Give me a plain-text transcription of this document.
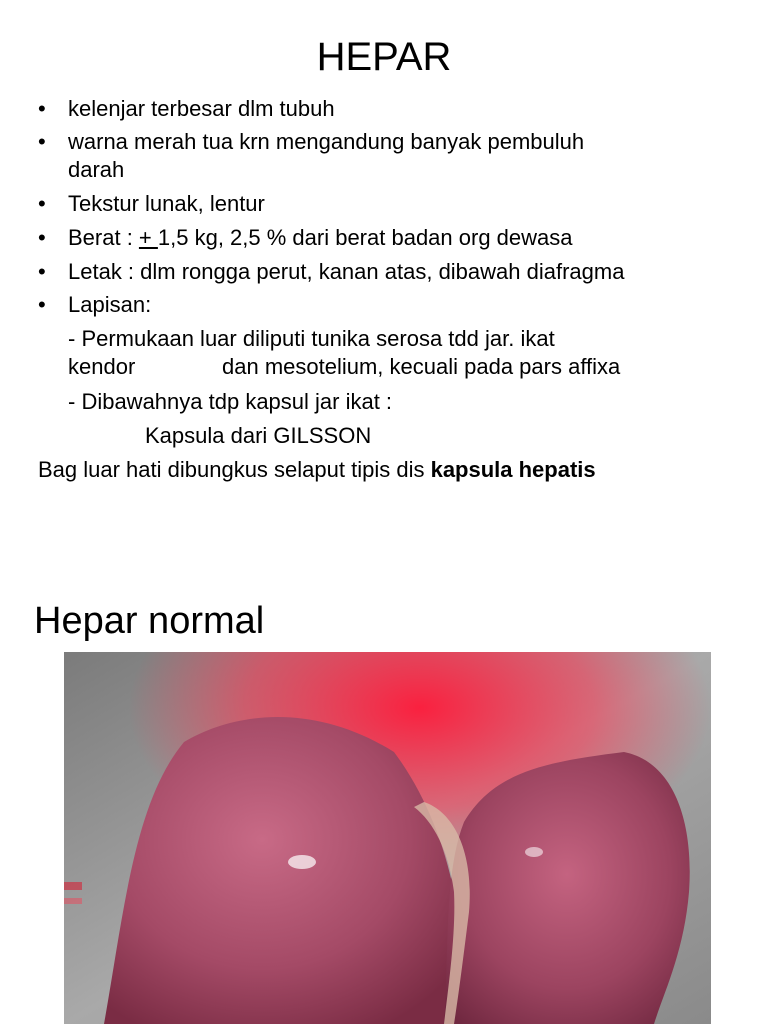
HEPAR
• kelenjar terbesar dlm tubuh
• warna merah tua krn mengandung banyak pembuluh
darah
• Tekstur lunak, lentur
• Berat : + 1,5 kg, 2,5 % dari berat badan org dewasa
• Letak : dlm rongga perut, kanan atas, dibawah diafragma
• Lapisan:
- Permukaan luar diliputi tunika serosa tdd jar. ikat
kendor	dan mesotelium, kecuali pada pars affixa
- Dibawahnya tdp kapsul jar ikat :
Kapsula dari GILSSON
Bag luar hati dibungkus selaput tipis dis kapsula hepatis
Hepar normal
